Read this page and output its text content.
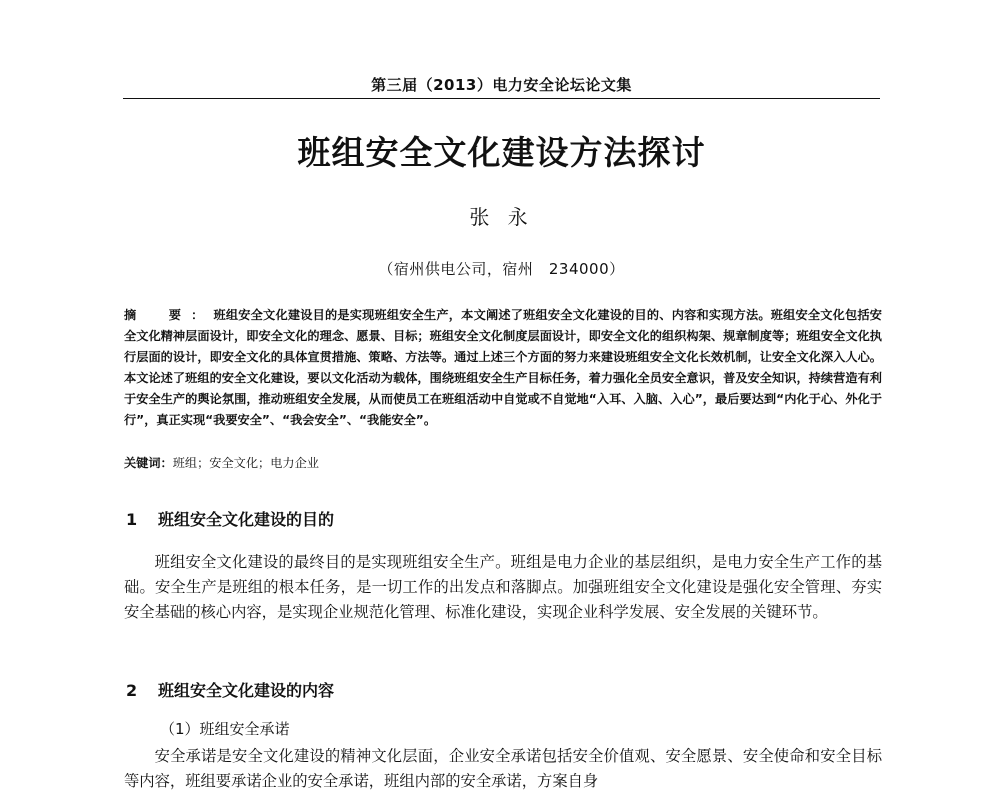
第三届（2013）电力安全论坛论文集
班组安全文化建设方法探讨
张 永
（宿州供电公司，宿州　234000）
摘　要：班组安全文化建设目的是实现班组安全生产，本文阐述了班组安全文化建设的目的、内容和实现方法。班组安全文化包括安全文化精神层面设计，即安全文化的理念、愿景、目标；班组安全文化制度层面设计，即安全文化的组织构架、规章制度等；班组安全文化执行层面的设计，即安全文化的具体宣贯措施、策略、方法等。通过上述三个方面的努力来建设班组安全文化长效机制，让安全文化深入人心。本文论述了班组的安全文化建设，要以文化活动为载体，围绕班组安全生产目标任务，着力强化全员安全意识，普及安全知识，持续营造有利于安全生产的舆论氛围，推动班组安全发展，从而使员工在班组活动中自觉或不自觉地“入耳、入脑、入心”，最后要达到“内化于心、外化于行”，真正实现“我要安全”、“我会安全”、“我能安全”。
关键词：班组；安全文化；电力企业
1 班组安全文化建设的目的
班组安全文化建设的最终目的是实现班组安全生产。班组是电力企业的基层组织，是电力安全生产工作的基础。安全生产是班组的根本任务，是一切工作的出发点和落脚点。加强班组安全文化建设是强化安全管理、夯实安全基础的核心内容，是实现企业规范化管理、标准化建设，实现企业科学发展、安全发展的关键环节。
2 班组安全文化建设的内容
（1）班组安全承诺
安全承诺是安全文化建设的精神文化层面，企业安全承诺包括安全价值观、安全愿景、安全使命和安全目标等内容，班组要承诺企业的安全承诺，班组内部的安全承诺，方案自身
